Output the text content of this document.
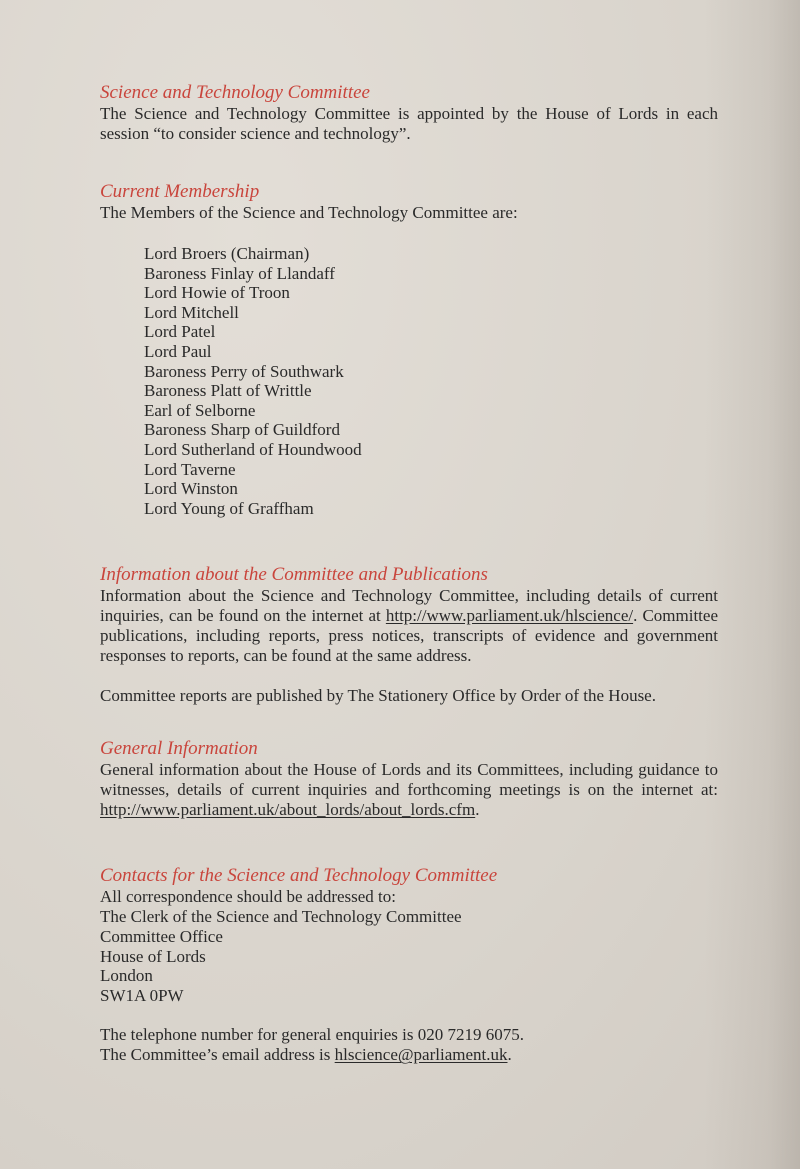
Science and Technology Committee

The Science and Technology Committee is appointed by the House of Lords in each session “to consider science and technology”.

Current Membership

The Members of the Science and Technology Committee are:

Lord Broers (Chairman)
Baroness Finlay of Llandaff
Lord Howie of Troon
Lord Mitchell
Lord Patel
Lord Paul
Baroness Perry of Southwark
Baroness Platt of Writtle
Earl of Selborne
Baroness Sharp of Guildford
Lord Sutherland of Houndwood
Lord Taverne
Lord Winston
Lord Young of Graffham
Information about the Committee and Publications

Information about the Science and Technology Committee, including details of current inquiries, can be found on the internet at http://www.parliament.uk/hlscience/. Committee publications, including reports, press notices, transcripts of evidence and government responses to reports, can be found at the same address.

Committee reports are published by The Stationery Office by Order of the House.

General Information

General information about the House of Lords and its Committees, including guidance to witnesses, details of current inquiries and forthcoming meetings is on the internet at: http://www.parliament.uk/about_lords/about_lords.cfm.

Contacts for the Science and Technology Committee

All correspondence should be addressed to:

The Clerk of the Science and Technology Committee
Committee Office
House of Lords
London
SW1A 0PW

The telephone number for general enquiries is 020 7219 6075.

The Committee’s email address is hlscience@parliament.uk.
